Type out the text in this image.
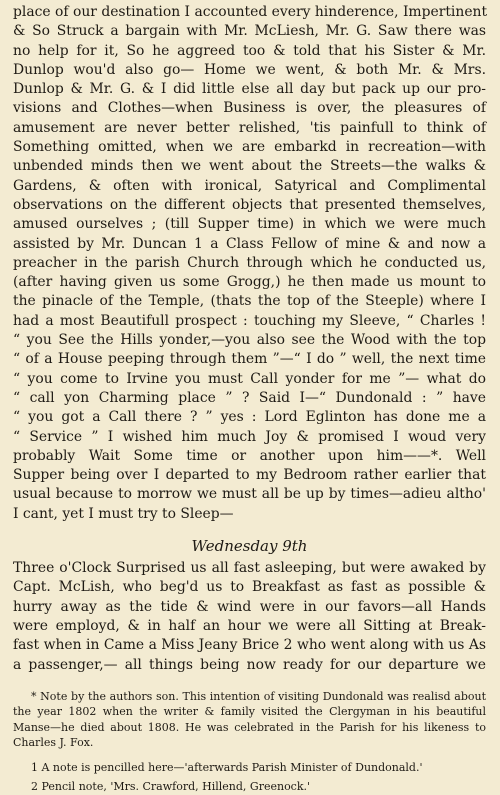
place of our destination I accounted every hinderence, Impertinent
& So Struck a bargain with Mr. McLiesh, Mr. G. Saw there was
no help for it, So he aggreed too & told that his Sister & Mr.
Dunlop wou'd also go— Home we went, & both Mr. & Mrs.
Dunlop & Mr. G. & I did little else all day but pack up our pro-
visions and Clothes—when Business is over, the pleasures of
amusement are never better relished, 'tis painfull to think of
Something omitted, when we are embarkd in recreation—with
unbended minds then we went about the Streets—the walks &
Gardens, & often with ironical, Satyrical and Complimental
observations on the different objects that presented themselves,
amused ourselves ; (till Supper time) in which we were much
assisted by Mr. Duncan 1 a Class Fellow of mine & and now a
preacher in the parish Church through which he conducted us,
(after having given us some Grogg,) he then made us mount to
the pinacle of the Temple, (thats the top of the Steeple) where I
had a most Beautifull prospect : touching my Sleeve, “ Charles !
“ you See the Hills yonder,—you also see the Wood with the top
“ of a House peeping through them ”—“ I do ” well, the next time
“ you come to Irvine you must Call yonder for me ”— what do
“ call yon Charming place ” ? Said I—“ Dundonald : ” have
“ you got a Call there ? ” yes : Lord Eglinton has done me a
“ Service ” I wished him much Joy & promised I woud very
probably Wait Some time or another upon him——*. Well
Supper being over I departed to my Bedroom rather earlier that
usual because to morrow we must all be up by times—adieu altho'
I cant, yet I must try to Sleep—
Wednesday 9th
Three o'Clock Surprised us all fast asleeping, but were awaked by
Capt. McLish, who beg'd us to Breakfast as fast as possible &
hurry away as the tide & wind were in our favors—all Hands
were employd, & in half an hour we were all Sitting at Break-
fast when in Came a Miss Jeany Brice 2 who went along with us As
a passenger,— all things being now ready for our departure we

* Note by the authors son. This intention of visiting Dundonald was realisd about the year 1802 when the writer & family visited the Clergyman in his beautiful Manse—he died about 1808. He was celebrated in the Parish for his likeness to Charles J. Fox.

1 A note is pencilled here—'afterwards Parish Minister of Dundonald.'

2 Pencil note, 'Mrs. Crawford, Hillend, Greenock.'
